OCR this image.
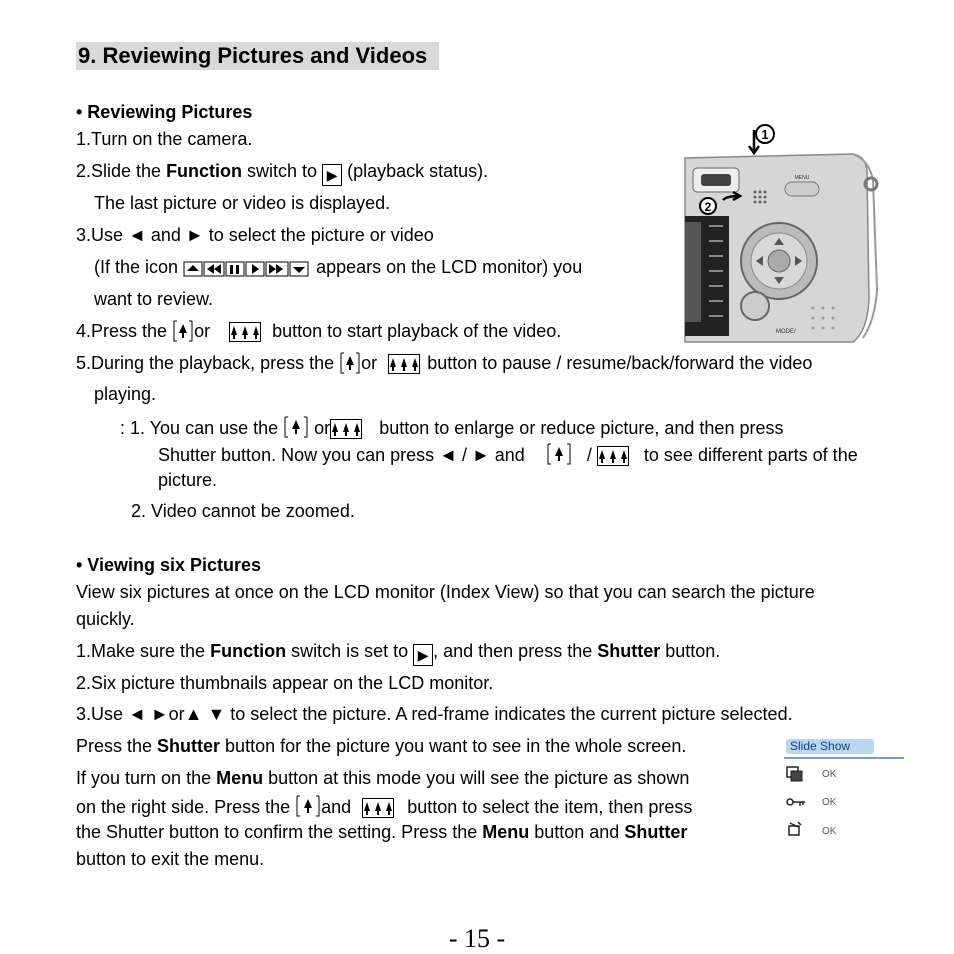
9. Reviewing Pictures and Videos
• Reviewing Pictures
1.Turn on the camera.
2.Slide the Function switch to ▶ (playback status).
The last picture or video is displayed.
3.Use ◄ and ► to select the picture or video
(If the icon	appears on the LCD monitor) you
want to review.
4.Press the or	button to start playback of the video.
5.During the playback, press the or	button to pause / resume/back/forward the video
playing.
: 1. You can use the or	button to enlarge or reduce picture, and then press
Shutter button. Now you can press ◄ / ► and	/	to see different parts of the
picture.
2. Video cannot be zoomed.
MENU
MODE/
1
2
• Viewing six Pictures
View six pictures at once on the LCD monitor (Index View) so that you can search the picture
quickly.
1.Make sure the Function switch is set to ▶ , and then press the Shutter button.
2.Six picture thumbnails appear on the LCD monitor.
3.Use ◄ ►or▲ ▼ to select the picture. A red-frame indicates the current picture selected.
Press the Shutter button for the picture you want to see in the whole screen.
If you turn on the Menu button at this mode you will see the picture as shown
on the right side. Press the and	button to select the item, then press
the Shutter button to confirm the setting. Press the Menu button and Shutter
button to exit the menu.
Slide Show
OK
OK
OK
- 15 -
